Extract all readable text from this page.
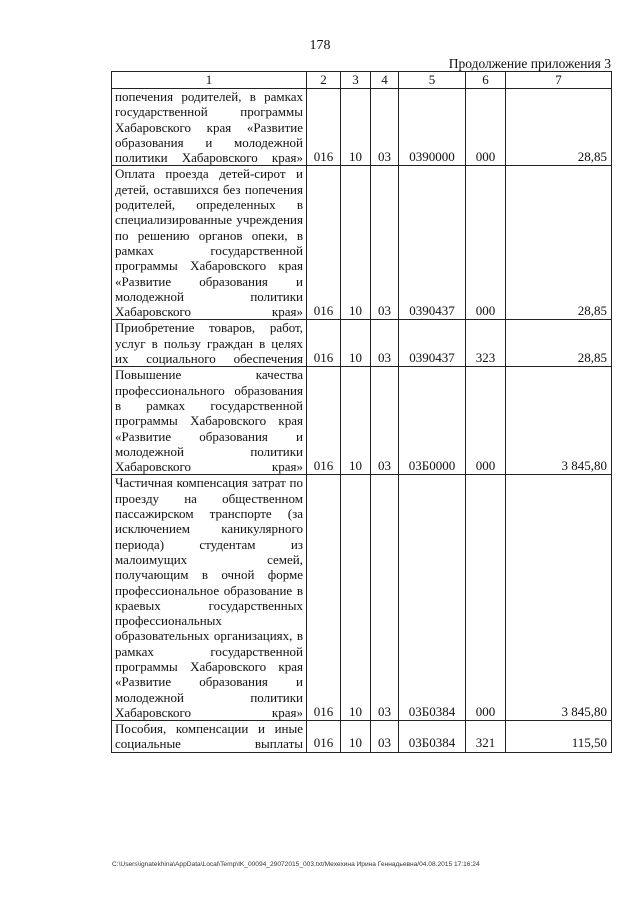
178
Продолжение приложения 3
1	2	3	4	5	6	7
попечения родителей, в рамках государственной программы Хабаровского края «Развитие образования и молодежной политики Хабаровского края»	016	10	03	0390000	000	28,85
Оплата проезда детей-сирот и детей, оставшихся без попечения родителей, определенных в специализированные учреждения по решению органов опеки, в рамках государственной программы Хабаровского края «Развитие образования и молодежной политики Хабаровского края»	016	10	03	0390437	000	28,85
Приобретение товаров, работ, услуг в пользу граждан в целях их социального обеспечения	016	10	03	0390437	323	28,85
Повышение качества профессионального образования в рамках государственной программы Хабаровского края «Развитие образования и молодежной политики Хабаровского края»	016	10	03	03Б0000	000	3 845,80
Частичная компенсация затрат по проезду на общественном пассажирском транспорте (за исключением каникулярного периода) студентам из малоимущих семей, получающим в очной форме профессиональное образование в краевых государственных профессиональных образовательных организациях, в рамках государственной программы Хабаровского края «Развитие образования и молодежной политики Хабаровского края»	016	10	03	03Б0384	000	3 845,80
Пособия, компенсации и иные социальные выплаты	016	10	03	03Б0384	321	115,50
C:\Users\ignatekhina\AppData\Local\Temp\IK_00094_29072015_003.txt/Мехехина Ирина Геннадьевна/04.08.2015 17:16:24
